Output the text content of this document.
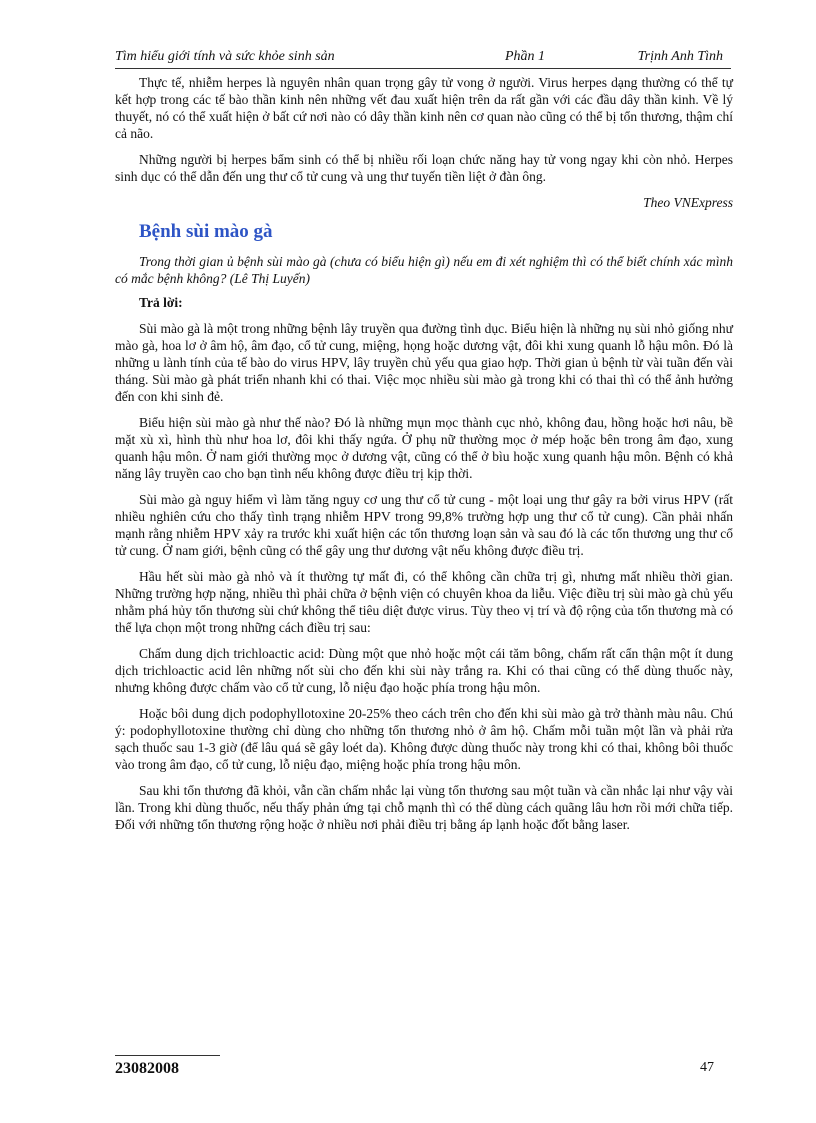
Tìm hiểu giới tính và sức khỏe sinh sản	Phần 1	Trịnh Anh Tình

Thực tế, nhiễm herpes là nguyên nhân quan trọng gây tử vong ở người. Virus herpes dạng thường có thể tự kết hợp trong các tế bào thần kinh nên những vết đau xuất hiện trên da rất gần với các đầu dây thần kinh. Về lý thuyết, nó có thể xuất hiện ở bất cứ nơi nào có dây thần kinh nên cơ quan nào cũng có thể bị tổn thương, thậm chí cả não.

Những người bị herpes bẩm sinh có thể bị nhiều rối loạn chức năng hay tử vong ngay khi còn nhỏ. Herpes sinh dục có thể dẫn đến ung thư cổ tử cung và ung thư tuyến tiền liệt ở đàn ông.

Theo VNExpress

Bệnh sùi mào gà

Trong thời gian ủ bệnh sùi mào gà (chưa có biểu hiện gì) nếu em đi xét nghiệm thì có thể biết chính xác mình có mắc bệnh không? (Lê Thị Luyến)

Trả lời:

Sùi mào gà là một trong những bệnh lây truyền qua đường tình dục. Biểu hiện là những nụ sùi nhỏ giống như mào gà, hoa lơ ở âm hộ, âm đạo, cổ tử cung, miệng, họng hoặc dương vật, đôi khi xung quanh lỗ hậu môn. Đó là những u lành tính của tế bào do virus HPV, lây truyền chủ yếu qua giao hợp. Thời gian ủ bệnh từ vài tuần đến vài tháng. Sùi mào gà phát triển nhanh khi có thai. Việc mọc nhiều sùi mào gà trong khi có thai thì có thể ảnh hưởng đến con khi sinh đẻ.

Biểu hiện sùi mào gà như thế nào? Đó là những mụn mọc thành cục nhỏ, không đau, hồng hoặc hơi nâu, bề mặt xù xì, hình thù như hoa lơ, đôi khi thấy ngứa. Ở phụ nữ thường mọc ở mép hoặc bên trong âm đạo, xung quanh hậu môn. Ở nam giới thường mọc ở dương vật, cũng có thể ở bìu hoặc xung quanh hậu môn. Bệnh có khả năng lây truyền cao cho bạn tình nếu không được điều trị kịp thời.

Sùi mào gà nguy hiểm vì làm tăng nguy cơ ung thư cổ tử cung - một loại ung thư gây ra bởi virus HPV (rất nhiều nghiên cứu cho thấy tình trạng nhiễm HPV trong 99,8% trường hợp ung thư cổ tử cung). Cần phải nhấn mạnh rằng nhiễm HPV xảy ra trước khi xuất hiện các tổn thương loạn sản và sau đó là các tổn thương ung thư cổ tử cung. Ở nam giới, bệnh cũng có thể gây ung thư dương vật nếu không được điều trị.

Hầu hết sùi mào gà nhỏ và ít thường tự mất đi, có thể không cần chữa trị gì, nhưng mất nhiều thời gian. Những trường hợp nặng, nhiều thì phải chữa ở bệnh viện có chuyên khoa da liễu. Việc điều trị sùi mào gà chủ yếu nhằm phá hủy tổn thương sùi chứ không thể tiêu diệt được virus. Tùy theo vị trí và độ rộng của tổn thương mà có thể lựa chọn một trong những cách điều trị sau:

Chấm dung dịch trichloactic acid: Dùng một que nhỏ hoặc một cái tăm bông, chấm rất cẩn thận một ít dung dịch trichloactic acid lên những nốt sùi cho đến khi sùi này trắng ra. Khi có thai cũng có thể dùng thuốc này, nhưng không được chấm vào cổ tử cung, lỗ niệu đạo hoặc phía trong hậu môn.

Hoặc bôi dung dịch podophyllotoxine 20-25% theo cách trên cho đến khi sùi mào gà trở thành màu nâu. Chú ý: podophyllotoxine thường chỉ dùng cho những tổn thương nhỏ ở âm hộ. Chấm mỗi tuần một lần và phải rửa sạch thuốc sau 1-3 giờ (để lâu quá sẽ gây loét da). Không được dùng thuốc này trong khi có thai, không bôi thuốc vào trong âm đạo, cổ tử cung, lỗ niệu đạo, miệng hoặc phía trong hậu môn.

Sau khi tổn thương đã khỏi, vẫn cần chấm nhắc lại vùng tổn thương sau một tuần và cần nhắc lại như vậy vài lần. Trong khi dùng thuốc, nếu thấy phản ứng tại chỗ mạnh thì có thể dùng cách quãng lâu hơn rồi mới chữa tiếp. Đối với những tổn thương rộng hoặc ở nhiều nơi phải điều trị bằng áp lạnh hoặc đốt bằng laser.

23082008	47
